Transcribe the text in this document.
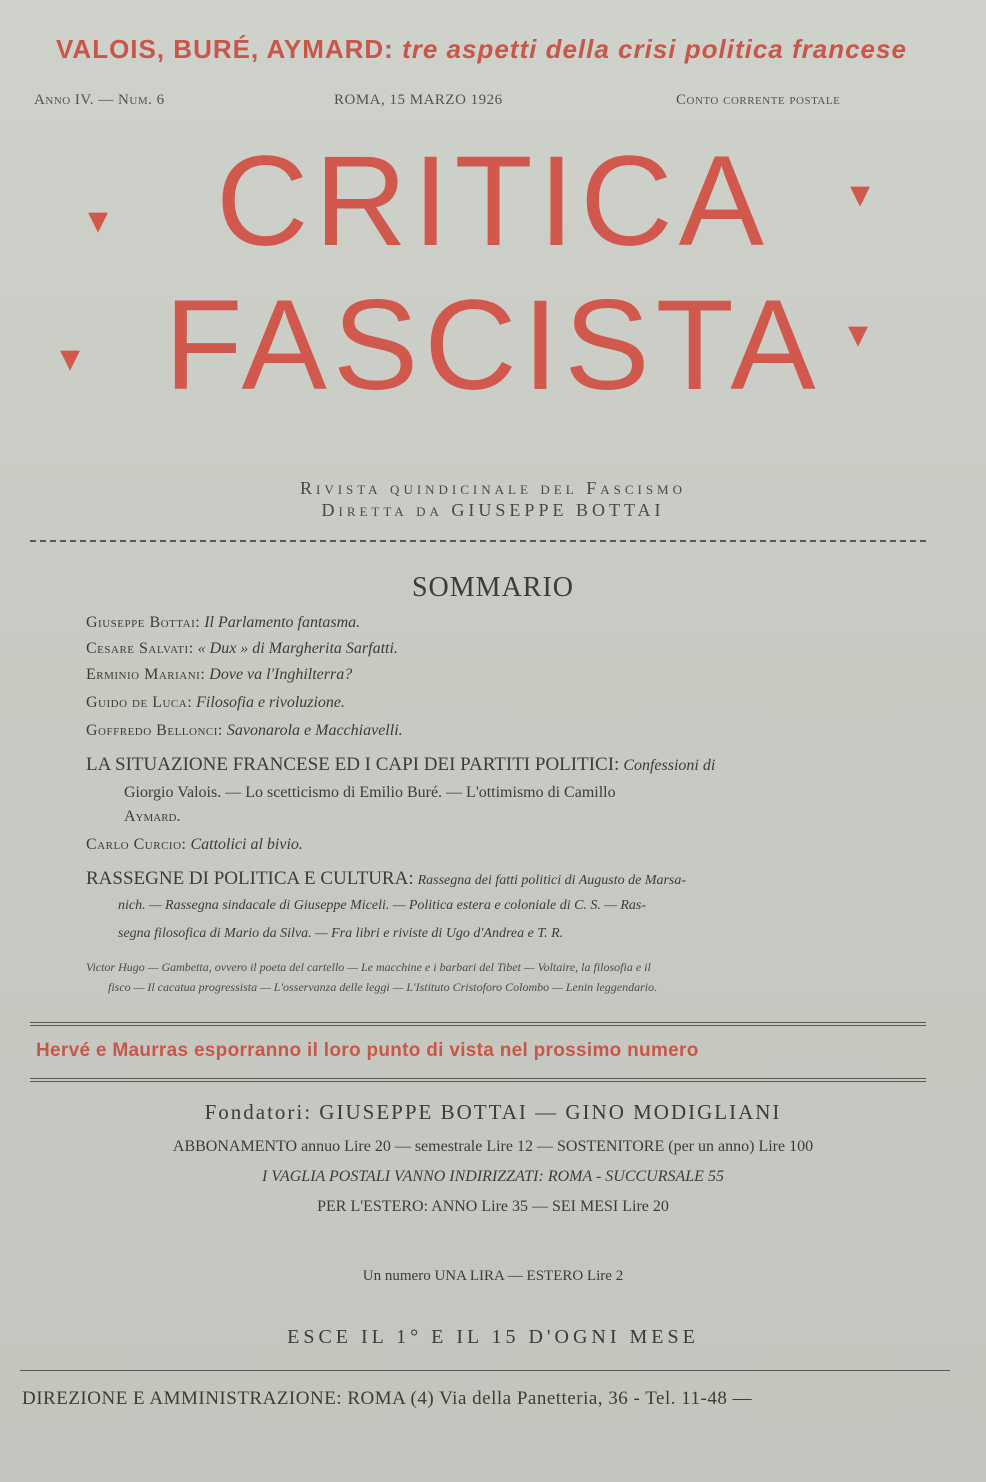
VALOIS, BURÉ, AYMARD: tre aspetti della crisi politica francese
Anno IV. — Num. 6	ROMA, 15 MARZO 1926	Conto corrente postale
CRITICA
▾
▾
FASCISTA
▾
▾
Rivista quindicinale del Fascismo
Diretta da GIUSEPPE BOTTAI
SOMMARIO
Giuseppe Bottai: Il Parlamento fantasma.
Cesare Salvati: « Dux » di Margherita Sarfatti.
Erminio Mariani: Dove va l'Inghilterra?
Guido de Luca: Filosofia e rivoluzione.
Goffredo Bellonci: Savonarola e Macchiavelli.
LA SITUAZIONE FRANCESE ED I CAPI DEI PARTITI POLITICI: Confessioni di
Giorgio Valois. — Lo scetticismo di Emilio Buré. — L'ottimismo di Camillo
Aymard.
Carlo Curcio: Cattolici al bivio.
RASSEGNE DI POLITICA E CULTURA: Rassegna dei fatti politici di Augusto de Marsa-
nich. — Rassegna sindacale di Giuseppe Miceli. — Politica estera e coloniale di C. S. — Ras-
segna filosofica di Mario da Silva. — Fra libri e riviste di Ugo d'Andrea e T. R.
Victor Hugo — Gambetta, ovvero il poeta del cartello — Le macchine e i barbari del Tibet — Voltaire, la filosofia e il
fisco — Il cacatua progressista — L'osservanza delle leggi — L'Istituto Cristoforo Colombo — Lenin leggendario.
Hervé e Maurras esporranno il loro punto di vista nel prossimo numero
Fondatori: GIUSEPPE BOTTAI — GINO MODIGLIANI
ABBONAMENTO annuo Lire 20 — semestrale Lire 12 — SOSTENITORE (per un anno) Lire 100
I VAGLIA POSTALI VANNO INDIRIZZATI: ROMA - SUCCURSALE 55
PER L'ESTERO: ANNO Lire 35 — SEI MESI Lire 20
Un numero UNA LIRA — ESTERO Lire 2
ESCE IL 1° E IL 15 D'OGNI MESE
DIREZIONE E AMMINISTRAZIONE: ROMA (4) Via della Panetteria, 36 - Tel. 11-48 —
